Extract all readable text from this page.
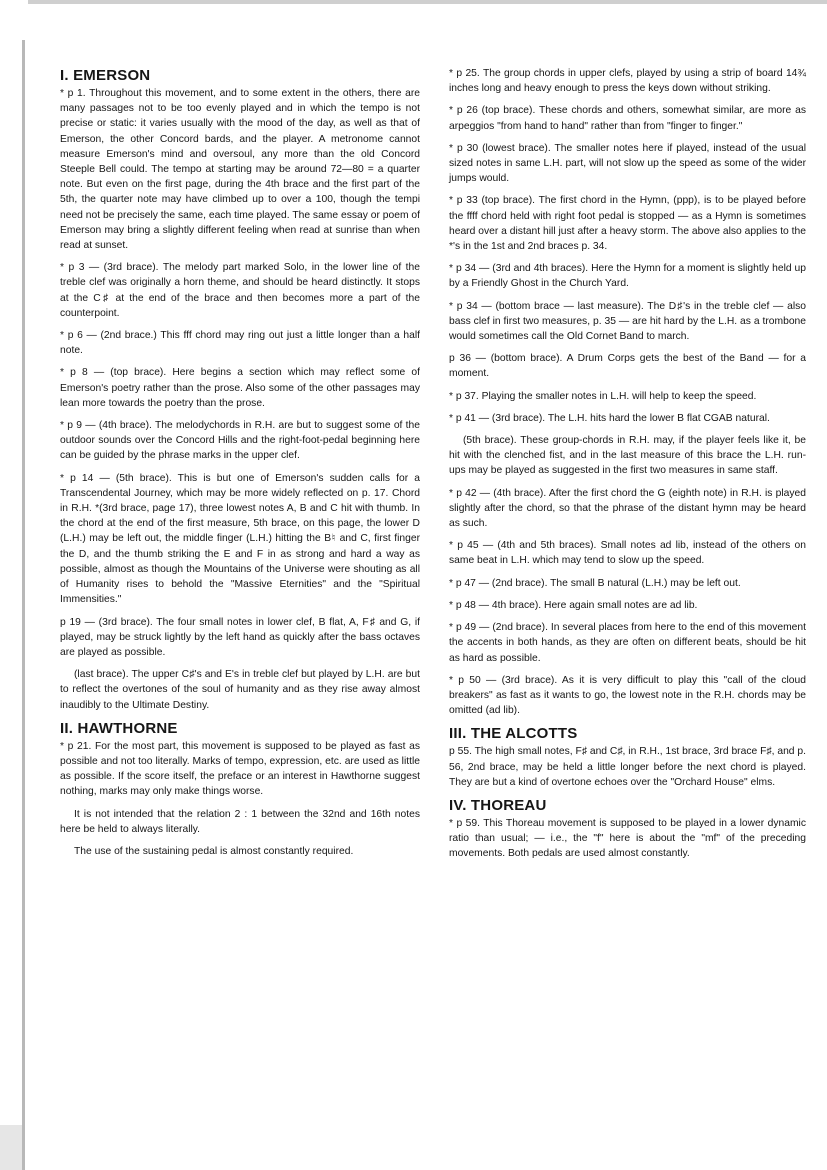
I. EMERSON

* p 1. Throughout this movement, and to some extent in the others, there are many passages not to be too evenly played and in which the tempo is not precise or static: it varies usually with the mood of the day, as well as that of Emerson, the other Concord bards, and the player. A metronome cannot measure Emerson's mind and oversoul, any more than the old Concord Steeple Bell could. The tempo at starting may be around 72—80 = a quarter note. But even on the first page, during the 4th brace and the first part of the 5th, the quarter note may have climbed up to over a 100, though the tempi need not be precisely the same, each time played. The same essay or poem of Emerson may bring a slightly different feeling when read at sunrise than when read at sunset.

* p 3 — (3rd brace). The melody part marked Solo, in the lower line of the treble clef was originally a horn theme, and should be heard distinctly. It stops at the C♯ at the end of the brace and then becomes more a part of the counterpoint.

* p 6 — (2nd brace.) This fff chord may ring out just a little longer than a half note.

* p 8 — (top brace). Here begins a section which may reflect some of Emerson's poetry rather than the prose. Also some of the other passages may lean more towards the poetry than the prose.

* p 9 — (4th brace). The melodychords in R.H. are but to suggest some of the outdoor sounds over the Concord Hills and the right-foot-pedal beginning here can be guided by the phrase marks in the upper clef.

* p 14 — (5th brace). This is but one of Emerson's sudden calls for a Transcendental Journey, which may be more widely reflected on p. 17. Chord in R.H. *(3rd brace, page 17), three lowest notes A, B and C hit with thumb. In the chord at the end of the first measure, 5th brace, on this page, the lower D (L.H.) may be left out, the middle finger (L.H.) hitting the B♮ and C, first finger the D, and the thumb striking the E and F in as strong and hard a way as possible, almost as though the Mountains of the Universe were shouting as all of Humanity rises to behold the "Massive Eternities" and the "Spiritual Immensities."

p 19 — (3rd brace). The four small notes in lower clef, B flat, A, F♯ and G, if played, may be struck lightly by the left hand as quickly after the bass octaves are played as possible.

(last brace). The upper C♯'s and E's in treble clef but played by L.H. are but to reflect the overtones of the soul of humanity and as they rise away almost inaudibly to the Ultimate Destiny.

II. HAWTHORNE

* p 21. For the most part, this movement is supposed to be played as fast as possible and not too literally. Marks of tempo, expression, etc. are used as little as possible. If the score itself, the preface or an interest in Hawthorne suggest nothing, marks may only make things worse.

It is not intended that the relation 2 : 1 between the 32nd and 16th notes here be held to always literally.

The use of the sustaining pedal is almost constantly required.

* p 25. The group chords in upper clefs, played by using a strip of board 14¾ inches long and heavy enough to press the keys down without striking.

* p 26 (top brace). These chords and others, somewhat similar, are more as arpeggios "from hand to hand" rather than from "finger to finger."

* p 30 (lowest brace). The smaller notes here if played, instead of the usual sized notes in same L.H. part, will not slow up the speed as some of the wider jumps would.

* p 33 (top brace). The first chord in the Hymn, (ppp), is to be played before the ffff chord held with right foot pedal is stopped — as a Hymn is sometimes heard over a distant hill just after a heavy storm. The above also applies to the *'s in the 1st and 2nd braces p. 34.

* p 34 — (3rd and 4th braces). Here the Hymn for a moment is slightly held up by a Friendly Ghost in the Church Yard.

* p 34 — (bottom brace — last measure). The D♯'s in the treble clef — also bass clef in first two measures, p. 35 — are hit hard by the L.H. as a trombone would sometimes call the Old Cornet Band to march.

p 36 — (bottom brace). A Drum Corps gets the best of the Band — for a moment.

* p 37. Playing the smaller notes in L.H. will help to keep the speed.

* p 41 — (3rd brace). The L.H. hits hard the lower B flat CGAB natural.

(5th brace). These group-chords in R.H. may, if the player feels like it, be hit with the clenched fist, and in the last measure of this brace the L.H. run-ups may be played as suggested in the first two measures in same staff.

* p 42 — (4th brace). After the first chord the G (eighth note) in R.H. is played slightly after the chord, so that the phrase of the distant hymn may be heard as such.

* p 45 — (4th and 5th braces). Small notes ad lib, instead of the others on same beat in L.H. which may tend to slow up the speed.

* p 47 — (2nd brace). The small B natural (L.H.) may be left out.

* p 48 — 4th brace). Here again small notes are ad lib.

* p 49 — (2nd brace). In several places from here to the end of this movement the accents in both hands, as they are often on different beats, should be hit as hard as possible.

* p 50 — (3rd brace). As it is very difficult to play this "call of the cloud breakers" as fast as it wants to go, the lowest note in the R.H. chords may be omitted (ad lib).

III. THE ALCOTTS

p 55. The high small notes, F♯ and C♯, in R.H., 1st brace, 3rd brace F♯, and p. 56, 2nd brace, may be held a little longer before the next chord is played. They are but a kind of overtone echoes over the "Orchard House" elms.

IV. THOREAU

* p 59. This Thoreau movement is supposed to be played in a lower dynamic ratio than usual; — i.e., the "f" here is about the "mf" of the preceding movements. Both pedals are used almost constantly.
